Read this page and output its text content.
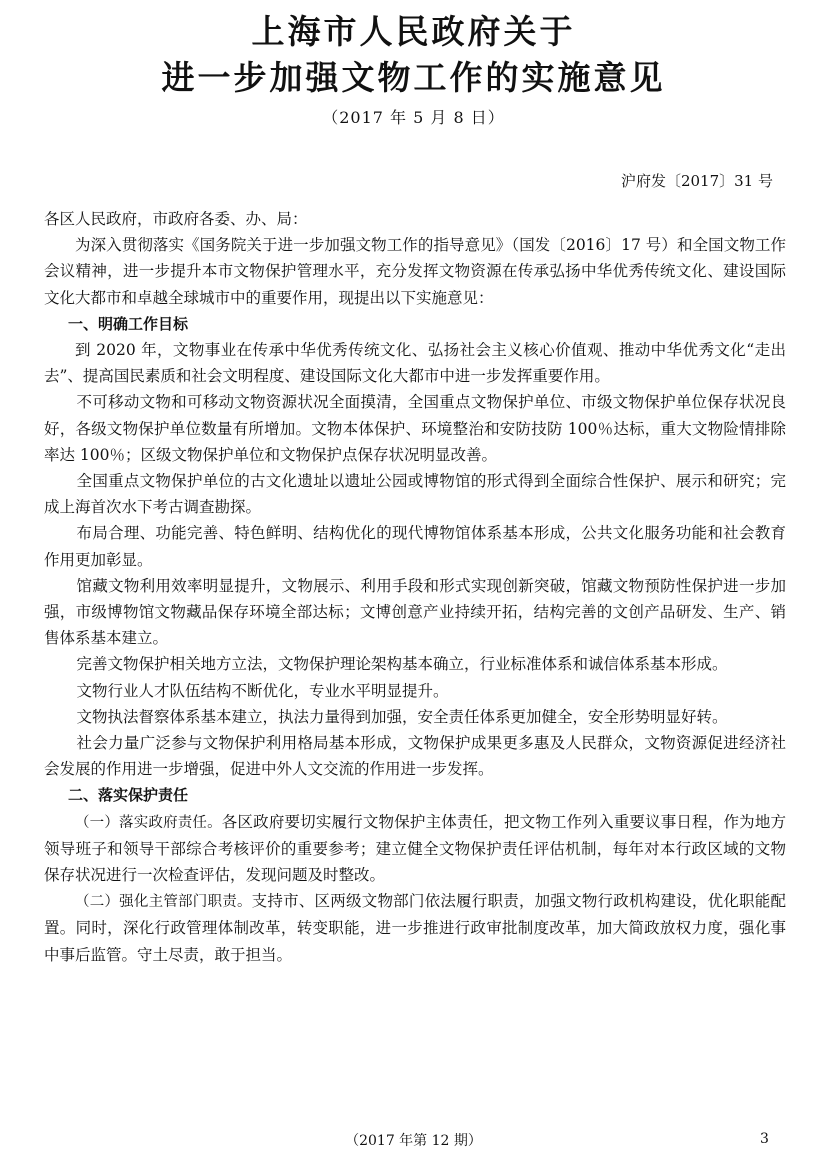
上海市人民政府关于
进一步加强文物工作的实施意见
（2017 年 5 月 8 日）
沪府发〔2017〕31 号

各区人民政府，市政府各委、办、局：

为深入贯彻落实《国务院关于进一步加强文物工作的指导意见》（国发〔2016〕17 号）和全国文物工作会议精神，进一步提升本市文物保护管理水平，充分发挥文物资源在传承弘扬中华优秀传统文化、建设国际文化大都市和卓越全球城市中的重要作用，现提出以下实施意见：

一、明确工作目标

到 2020 年，文物事业在传承中华优秀传统文化、弘扬社会主义核心价值观、推动中华优秀文化“走出去”、提高国民素质和社会文明程度、建设国际文化大都市中进一步发挥重要作用。

不可移动文物和可移动文物资源状况全面摸清，全国重点文物保护单位、市级文物保护单位保存状况良好，各级文物保护单位数量有所增加。文物本体保护、环境整治和安防技防 100％达标，重大文物险情排除率达 100％；区级文物保护单位和文物保护点保存状况明显改善。

全国重点文物保护单位的古文化遗址以遗址公园或博物馆的形式得到全面综合性保护、展示和研究；完成上海首次水下考古调查勘探。

布局合理、功能完善、特色鲜明、结构优化的现代博物馆体系基本形成，公共文化服务功能和社会教育作用更加彰显。

馆藏文物利用效率明显提升，文物展示、利用手段和形式实现创新突破，馆藏文物预防性保护进一步加强，市级博物馆文物藏品保存环境全部达标；文博创意产业持续开拓，结构完善的文创产品研发、生产、销售体系基本建立。

完善文物保护相关地方立法，文物保护理论架构基本确立，行业标准体系和诚信体系基本形成。

文物行业人才队伍结构不断优化，专业水平明显提升。

文物执法督察体系基本建立，执法力量得到加强，安全责任体系更加健全，安全形势明显好转。

社会力量广泛参与文物保护利用格局基本形成，文物保护成果更多惠及人民群众，文物资源促进经济社会发展的作用进一步增强，促进中外人文交流的作用进一步发挥。

二、落实保护责任

（一）落实政府责任。各区政府要切实履行文物保护主体责任，把文物工作列入重要议事日程，作为地方领导班子和领导干部综合考核评价的重要参考；建立健全文物保护责任评估机制，每年对本行政区域的文物保存状况进行一次检查评估，发现问题及时整改。

（二）强化主管部门职责。支持市、区两级文物部门依法履行职责，加强文物行政机构建设，优化职能配置。同时，深化行政管理体制改革，转变职能，进一步推进行政审批制度改革，加大简政放权力度，强化事中事后监管。守土尽责，敢于担当。

（2017 年第 12 期）	3
